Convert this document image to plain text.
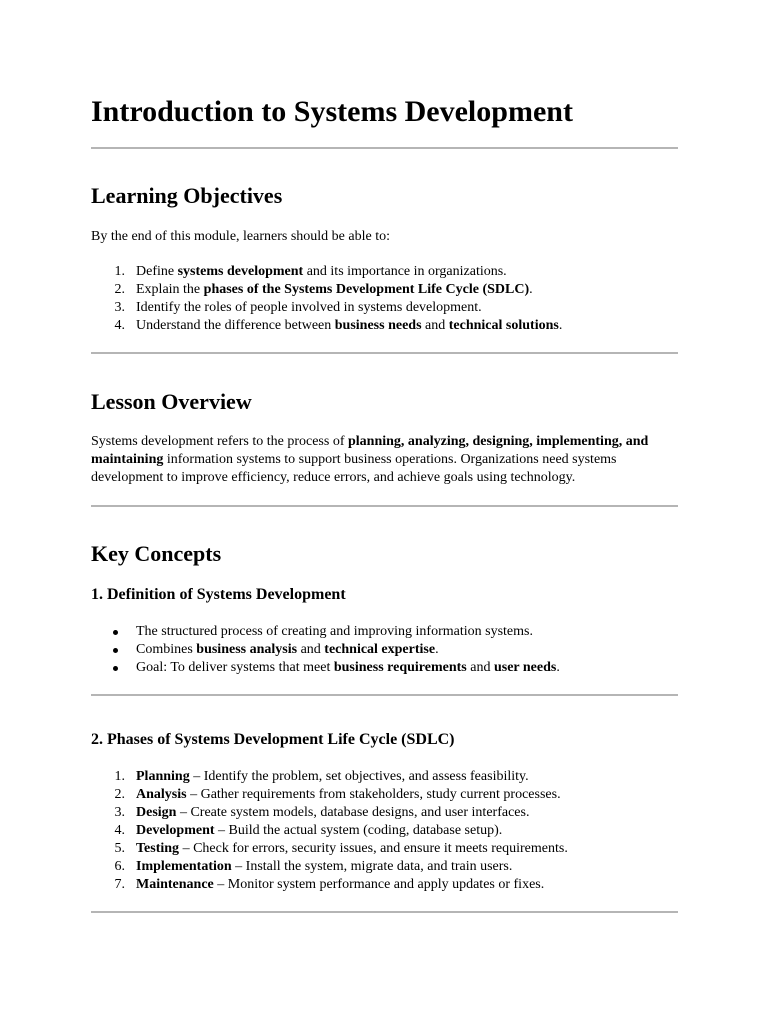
Introduction to Systems Development
Learning Objectives

By the end of this module, learners should be able to:

1. Define systems development and its importance in organizations.
2. Explain the phases of the Systems Development Life Cycle (SDLC).
3. Identify the roles of people involved in systems development.
4. Understand the difference between business needs and technical solutions.
Lesson Overview

Systems development refers to the process of planning, analyzing, designing, implementing, and maintaining information systems to support business operations. Organizations need systems development to improve efficiency, reduce errors, and achieve goals using technology.

Key Concepts
1. Definition of Systems Development
The structured process of creating and improving information systems.
Combines business analysis and technical expertise.
Goal: To deliver systems that meet business requirements and user needs.
2. Phases of Systems Development Life Cycle (SDLC)
1. Planning – Identify the problem, set objectives, and assess feasibility.
2. Analysis – Gather requirements from stakeholders, study current processes.
3. Design – Create system models, database designs, and user interfaces.
4. Development – Build the actual system (coding, database setup).
5. Testing – Check for errors, security issues, and ensure it meets requirements.
6. Implementation – Install the system, migrate data, and train users.
7. Maintenance – Monitor system performance and apply updates or fixes.
